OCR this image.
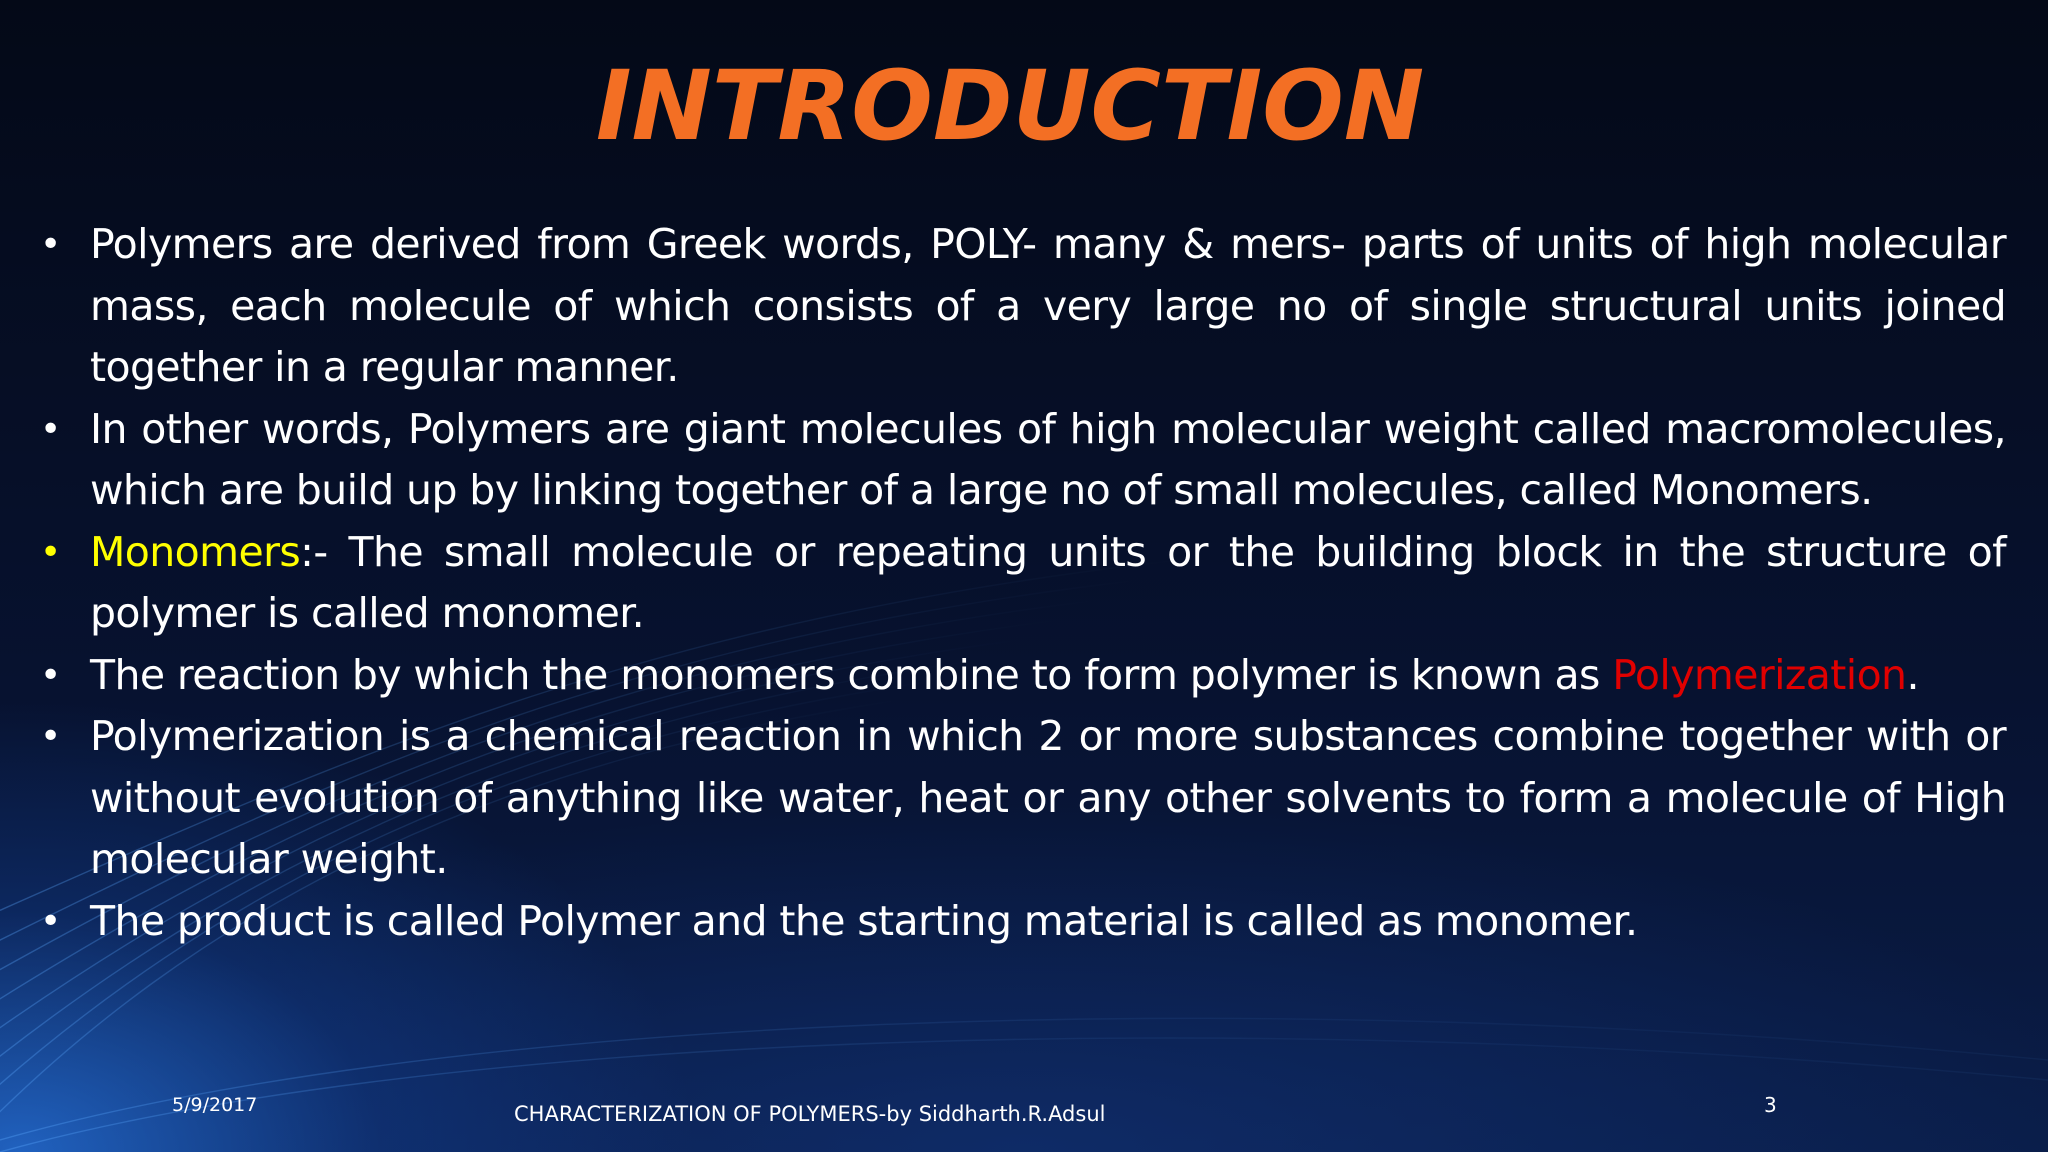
INTRODUCTION
• Polymers are derived from Greek words, POLY- many & mers- parts of units of high molecular mass, each molecule of which consists of a very large no of single structural units joined together in a regular manner.
• In other words, Polymers are giant molecules of high molecular weight called macromolecules, which are build up by linking together of a large no of small molecules, called Monomers.
• Monomers:- The small molecule or repeating units or the building block in the structure of polymer is called monomer.
• The reaction by which the monomers combine to form polymer is known as Polymerization.
• Polymerization is a chemical reaction in which 2 or more substances combine together with or without evolution of anything like water, heat or any other solvents to form a molecule of High molecular weight.
• The product is called Polymer and the starting material is called as monomer.
5/9/2017	CHARACTERIZATION OF POLYMERS-by Siddharth.R.Adsul	3
